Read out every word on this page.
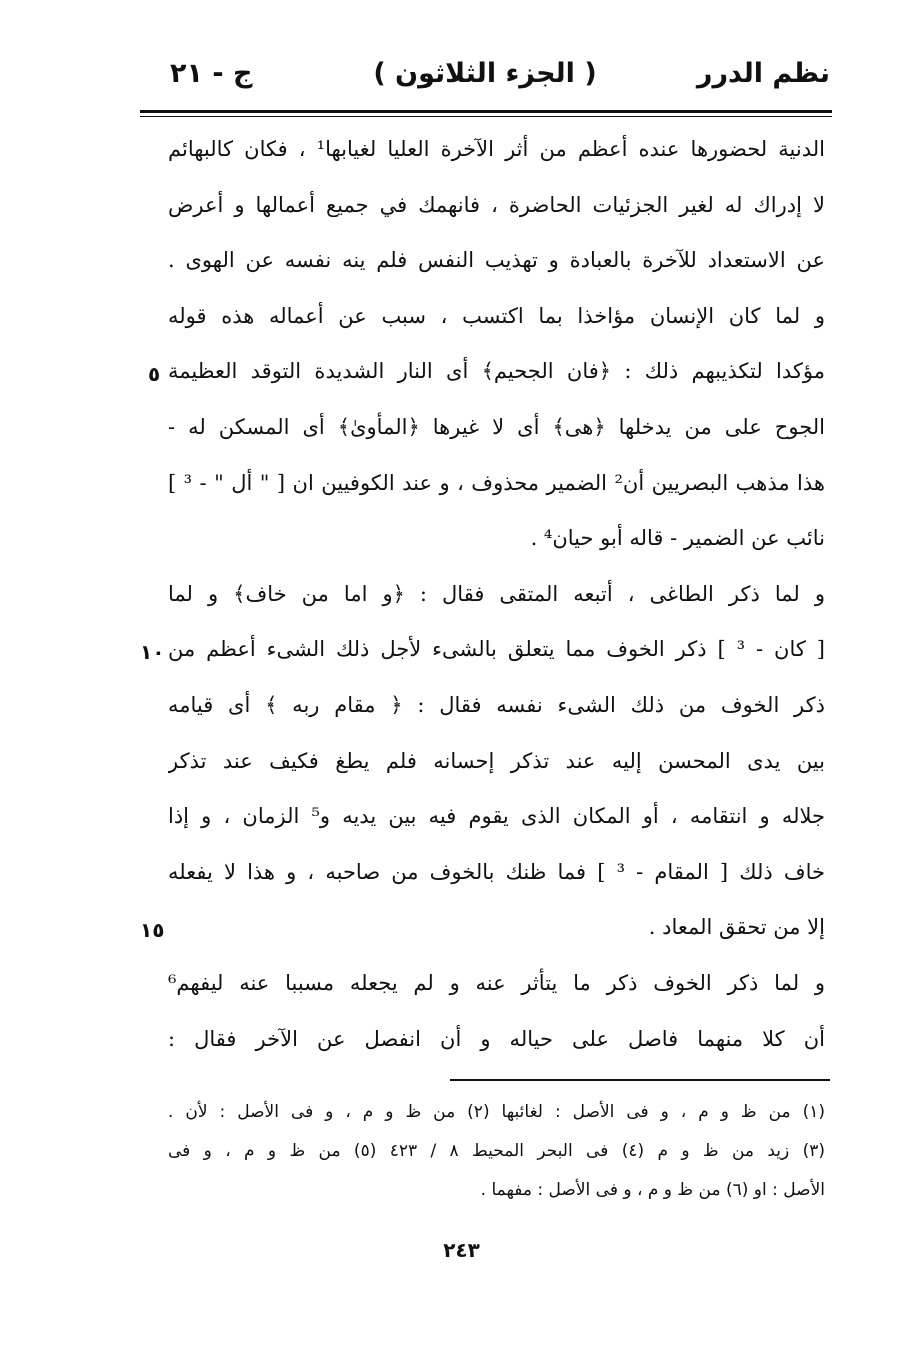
نظم الدرر
( الجزء الثلاثون )
ج - ٢١
الدنية لحضورها عنده أعظم من أثر الآخرة العليا لغيابها¹ ، فكان كالبهائم
لا إدراك له لغير الجزئيات الحاضرة ، فانهمك في جميع أعمالها و أعرض
عن الاستعداد للآخرة بالعبادة و تهذيب النفس فلم ينه نفسه عن الهوى .
و لما كان الإنسان مؤاخذا بما اكتسب ، سبب عن أعماله هذه قوله
مؤكدا لتكذيبهم ذلك : ﴿فان الجحيم﴾ أى النار الشديدة التوقد العظيمة
الجوح على من يدخلها ﴿هى﴾ أى لا غيرها ﴿المأوىٰ﴾ أى المسكن له -
هذا مذهب البصريين أن² الضمير محذوف ، و عند الكوفيين ان [ " أل " - ³ ]
نائب عن الضمير - قاله أبو حيان⁴ .
و لما ذكر الطاغى ، أتبعه المتقى فقال : ﴿و اما من خاف﴾ و لما
[ كان - ³ ] ذكر الخوف مما يتعلق بالشىء لأجل ذلك الشىء أعظم من
ذكر الخوف من ذلك الشىء نفسه فقال : ﴿ مقام ربه ﴾ أى قيامه
بين يدى المحسن إليه عند تذكر إحسانه فلم يطغ فكيف عند تذكر
جلاله و انتقامه ، أو المكان الذى يقوم فيه بين يديه و⁵ الزمان ، و إذا
خاف ذلك [ المقام - ³ ] فما ظنك بالخوف من صاحبه ، و هذا لا يفعله
إلا من تحقق المعاد .
و لما ذكر الخوف ذكر ما يتأثر عنه و لم يجعله مسببا عنه ليفهم⁶
أن كلا منهما فاصل على حياله و أن انفصل عن الآخر فقال :
٥
١٠
١٥
(١) من ظ و م ، و فى الأصل : لغائبها (٢) من ظ و م ، و فى الأصل : لأن .
(٣) زيد من ظ و م (٤) فى البحر المحيط ٨ / ٤٢٣ (٥) من ظ و م ، و فى
الأصل : او (٦) من ظ و م ، و فى الأصل : مفهما .
٢٤٣
